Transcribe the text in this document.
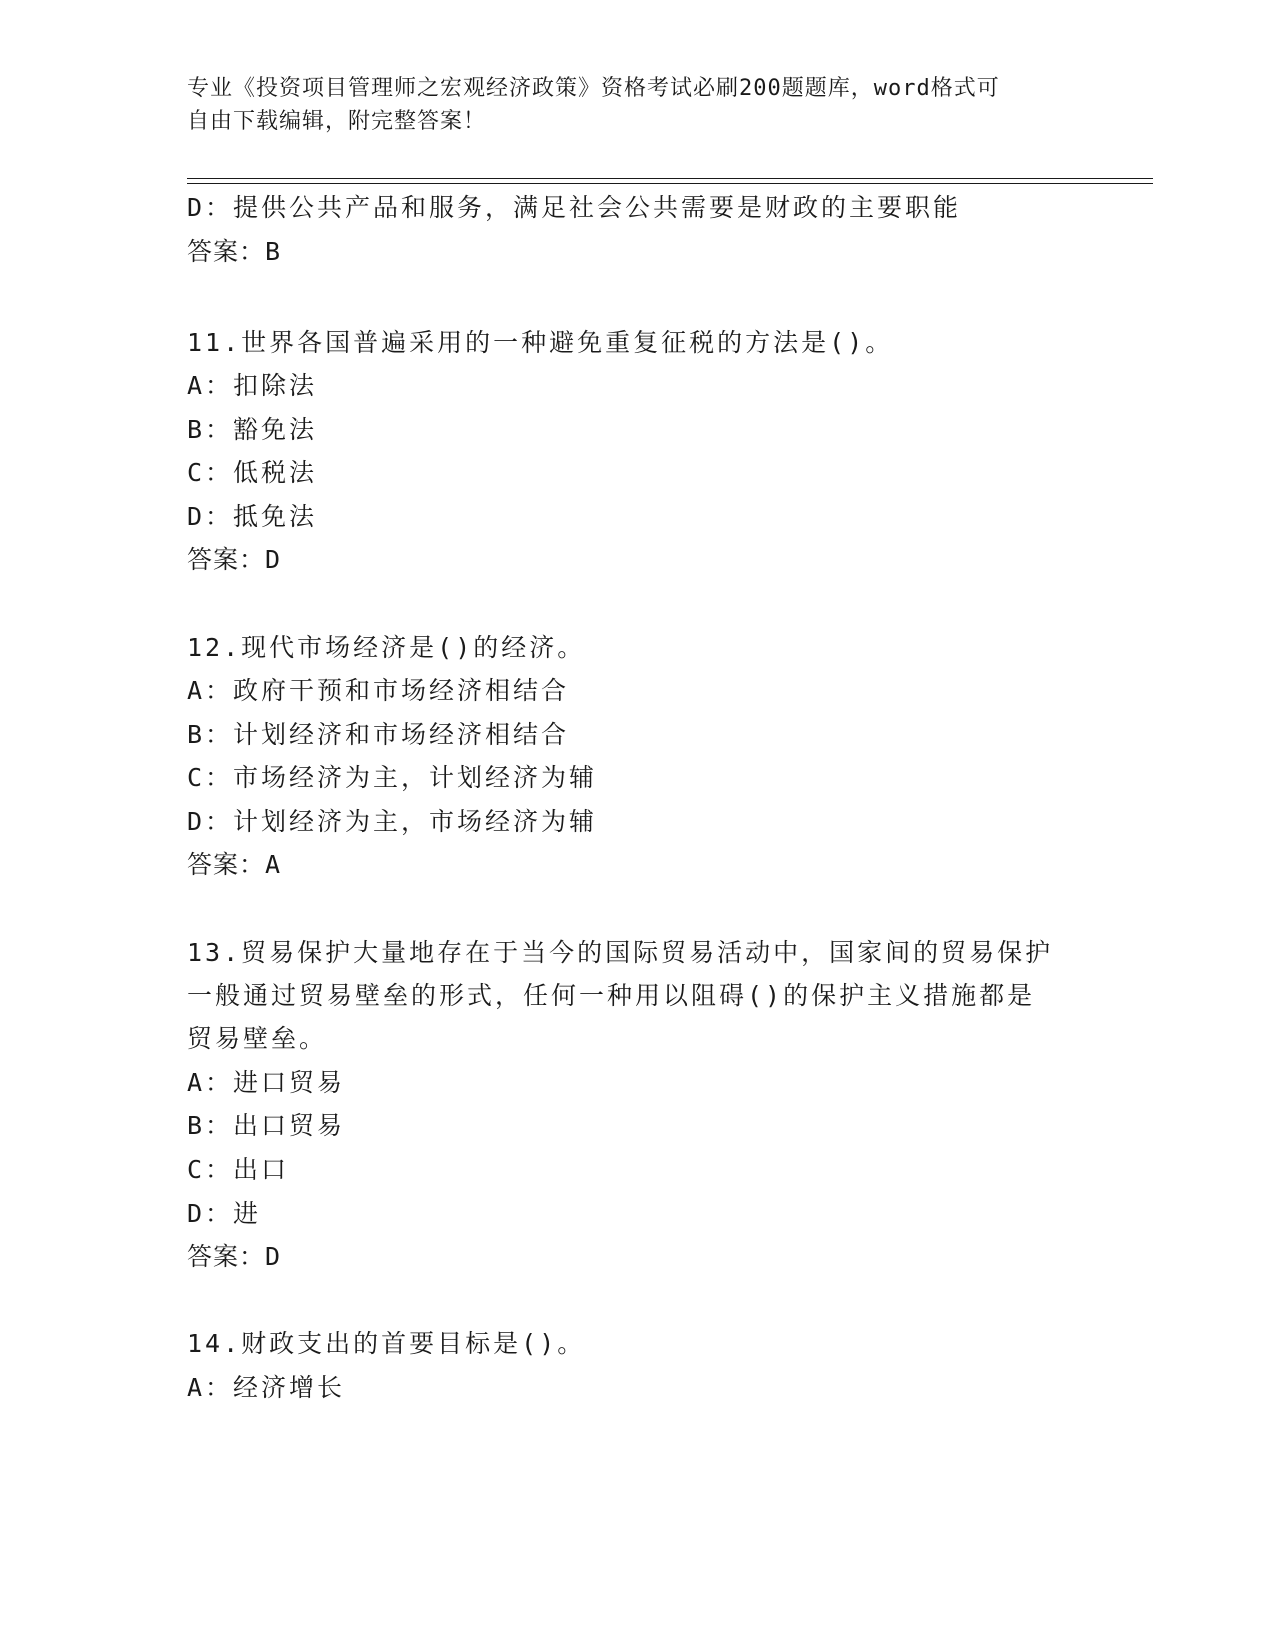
专业《投资项目管理师之宏观经济政策》资格考试必刷200题题库，word格式可
自由下载编辑，附完整答案！
D：提供公共产品和服务，满足社会公共需要是财政的主要职能
答案：B
11.世界各国普遍采用的一种避免重复征税的方法是()。
A：扣除法
B：豁免法
C：低税法
D：抵免法
答案：D
12.现代市场经济是()的经济。
A：政府干预和市场经济相结合
B：计划经济和市场经济相结合
C：市场经济为主，计划经济为辅
D：计划经济为主，市场经济为辅
答案：A
13.贸易保护大量地存在于当今的国际贸易活动中，国家间的贸易保护
一般通过贸易壁垒的形式，任何一种用以阻碍()的保护主义措施都是
贸易壁垒。
A：进口贸易
B：出口贸易
C：出口
D：进
答案：D
14.财政支出的首要目标是()。
A：经济增长
